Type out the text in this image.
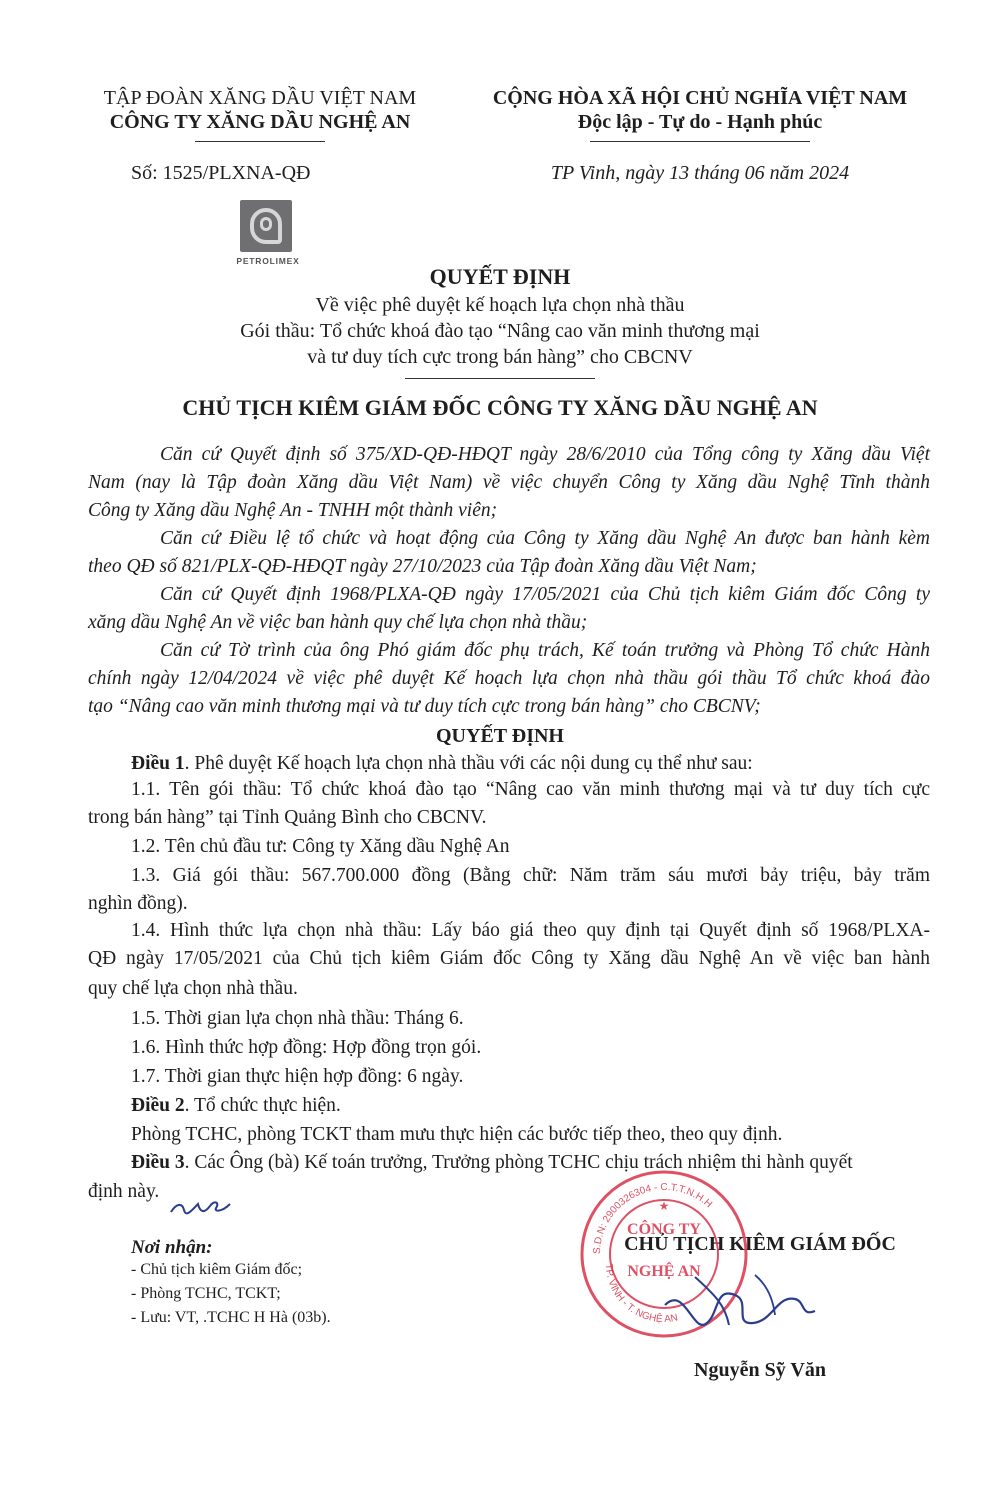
TẬP ĐOÀN XĂNG DẦU VIỆT NAM
CÔNG TY XĂNG DẦU NGHỆ AN
Số: 1525/PLXNA-QĐ
CỘNG HÒA XÃ HỘI CHỦ NGHĨA VIỆT NAM
Độc lập - Tự do - Hạnh phúc
TP Vinh, ngày 13 tháng 06 năm 2024
PETROLIMEX
QUYẾT ĐỊNH
Về việc phê duyệt kế hoạch lựa chọn nhà thầu
Gói thầu: Tổ chức khoá đào tạo “Nâng cao văn minh thương mại
và tư duy tích cực trong bán hàng” cho CBCNV
CHỦ TỊCH KIÊM GIÁM ĐỐC CÔNG TY XĂNG DẦU NGHỆ AN
Căn cứ Quyết định số 375/XD-QĐ-HĐQT ngày 28/6/2010 của Tổng công ty Xăng dầu Việt
Nam (nay là Tập đoàn Xăng dầu Việt Nam) về việc chuyển Công ty Xăng dầu Nghệ Tĩnh thành
Công ty Xăng dầu Nghệ An - TNHH một thành viên;
Căn cứ Điều lệ tổ chức và hoạt động của Công ty Xăng dầu Nghệ An được ban hành kèm
theo QĐ số 821/PLX-QĐ-HĐQT ngày 27/10/2023 của Tập đoàn Xăng dầu Việt Nam;
Căn cứ Quyết định 1968/PLXA-QĐ ngày 17/05/2021 của Chủ tịch kiêm Giám đốc Công ty
xăng dầu Nghệ An về việc ban hành quy chế lựa chọn nhà thầu;
Căn cứ Tờ trình của ông Phó giám đốc phụ trách, Kế toán trưởng và Phòng Tổ chức Hành
chính ngày 12/04/2024 về việc phê duyệt Kế hoạch lựa chọn nhà thầu gói thầu Tổ chức khoá đào
tạo “Nâng cao văn minh thương mại và tư duy tích cực trong bán hàng” cho CBCNV;
QUYẾT ĐỊNH
Điều 1. Phê duyệt Kế hoạch lựa chọn nhà thầu với các nội dung cụ thể như sau:
1.1. Tên gói thầu: Tổ chức khoá đào tạo “Nâng cao văn minh thương mại và tư duy tích cực
trong bán hàng” tại Tỉnh Quảng Bình cho CBCNV.
1.2. Tên chủ đầu tư: Công ty Xăng dầu Nghệ An
1.3. Giá gói thầu: 567.700.000 đồng (Bằng chữ: Năm trăm sáu mươi bảy triệu, bảy trăm
nghìn đồng).
1.4. Hình thức lựa chọn nhà thầu: Lấy báo giá theo quy định tại Quyết định số 1968/PLXA-
QĐ ngày 17/05/2021 của Chủ tịch kiêm Giám đốc Công ty Xăng dầu Nghệ An về việc ban hành
quy chế lựa chọn nhà thầu.
1.5. Thời gian lựa chọn nhà thầu: Tháng 6.
1.6. Hình thức hợp đồng: Hợp đồng trọn gói.
1.7. Thời gian thực hiện hợp đồng: 6 ngày.
Điều 2. Tổ chức thực hiện.
Phòng TCHC, phòng TCKT tham mưu thực hiện các bước tiếp theo, theo quy định.
Điều 3. Các Ông (bà) Kế toán trưởng, Trưởng phòng TCHC chịu trách nhiệm thi hành quyết
định này.
Nơi nhận:
- Chủ tịch kiêm Giám đốc;
- Phòng TCHC, TCKT;
- Lưu: VT, .TCHC H Hà (03b).
CHỦ TỊCH KIÊM GIÁM ĐỐC
S.D.N: 2900326304 - C.T.T.N.H.H
TP. VINH - T. NGHỆ AN
CÔNG TY
NGHỆ AN
★
Nguyễn Sỹ Văn
